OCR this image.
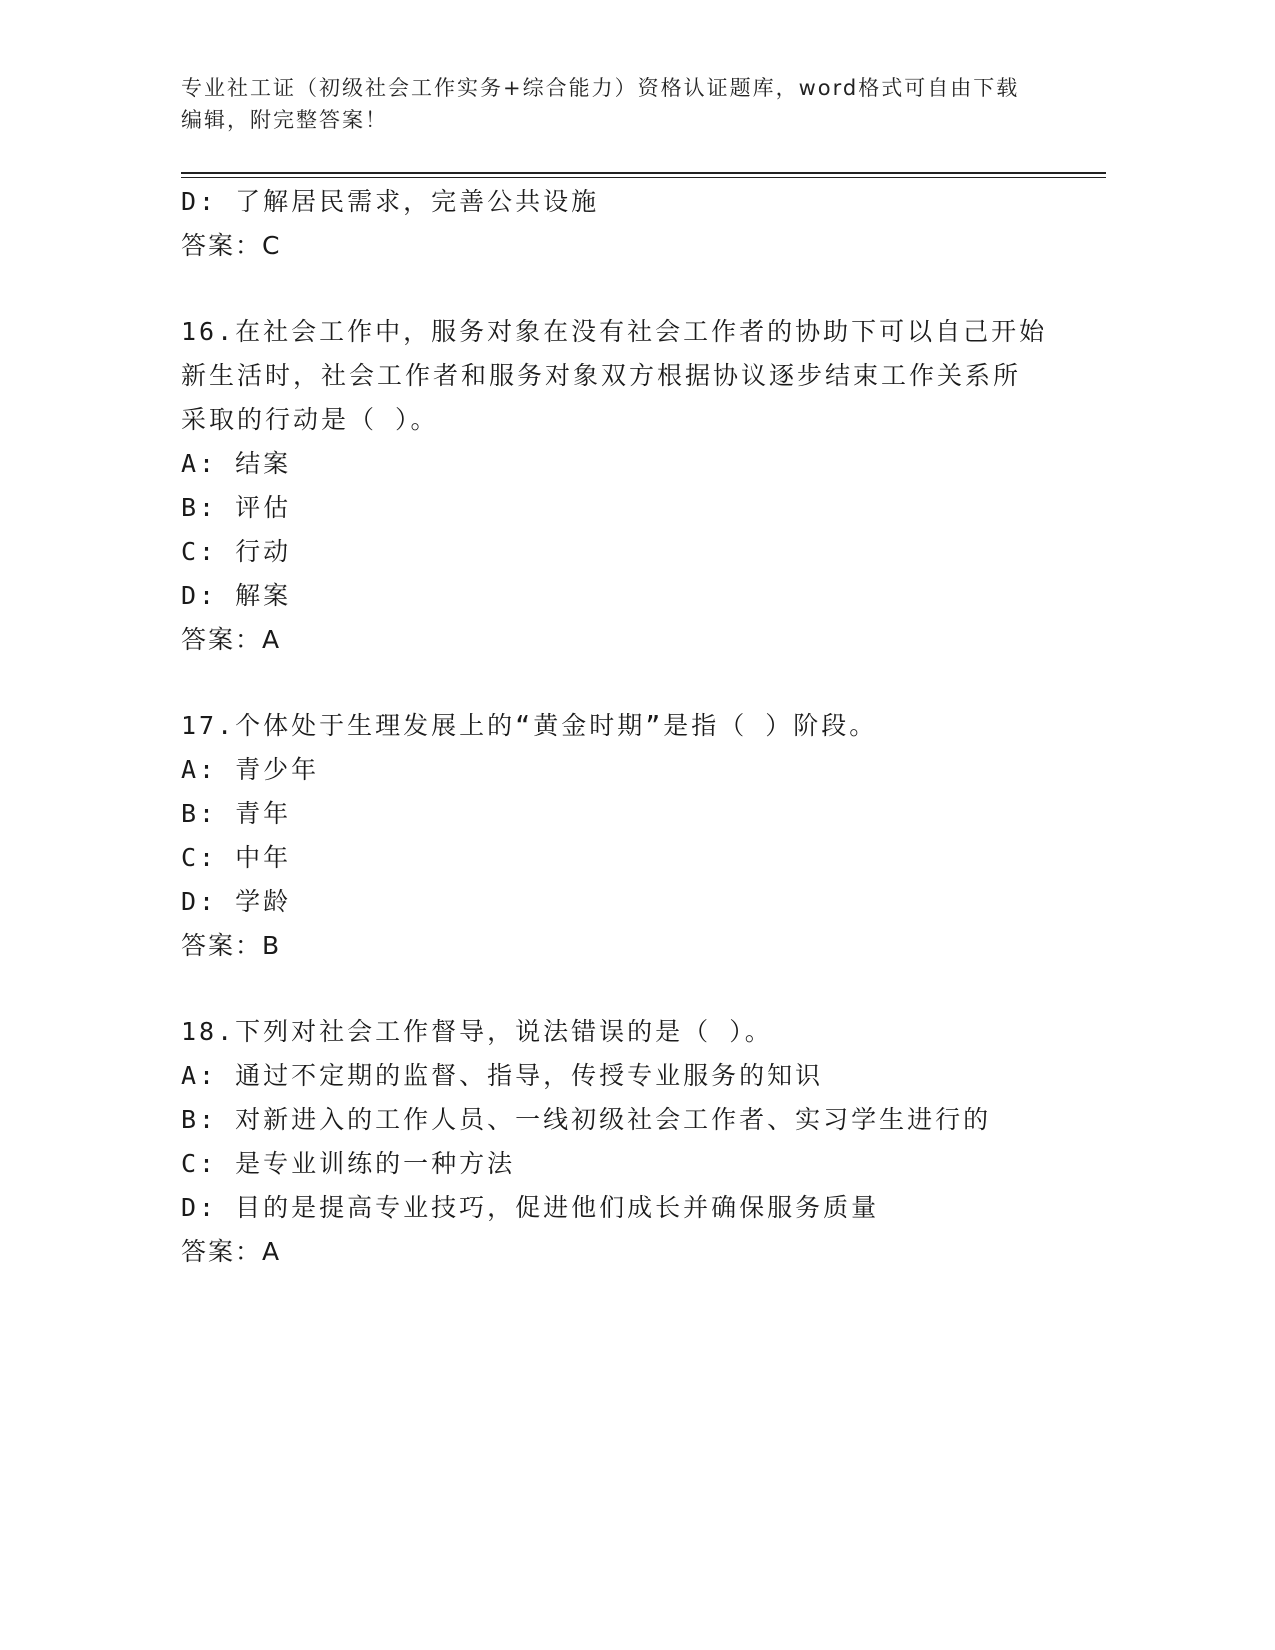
专业社工证（初级社会工作实务+综合能力）资格认证题库，word格式可自由下载
编辑，附完整答案！
D: 了解居民需求，完善公共设施
答案：C
16.在社会工作中，服务对象在没有社会工作者的协助下可以自己开始
新生活时，社会工作者和服务对象双方根据协议逐步结束工作关系所
采取的行动是（ ）。
A: 结案
B: 评估
C: 行动
D: 解案
答案：A
17.个体处于生理发展上的“黄金时期”是指（ ）阶段。
A: 青少年
B: 青年
C: 中年
D: 学龄
答案：B
18.下列对社会工作督导，说法错误的是（ ）。
A: 通过不定期的监督、指导，传授专业服务的知识
B: 对新进入的工作人员、一线初级社会工作者、实习学生进行的
C: 是专业训练的一种方法
D: 目的是提高专业技巧，促进他们成长并确保服务质量
答案：A
